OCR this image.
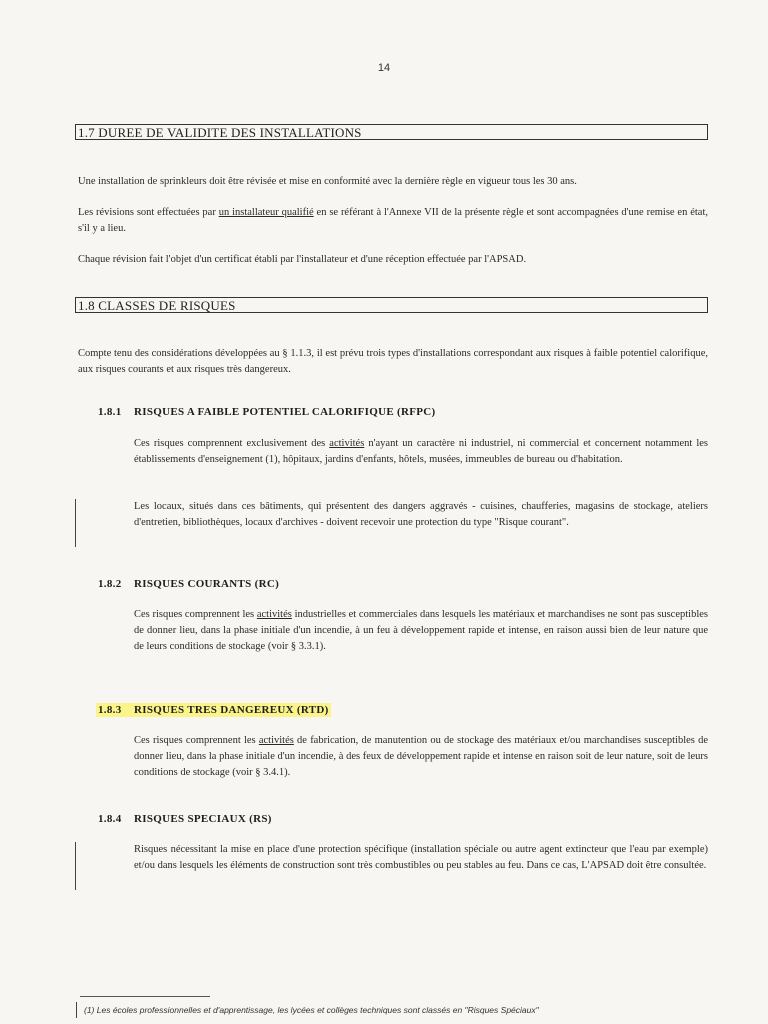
14
1.7 DUREE DE VALIDITE DES INSTALLATIONS
Une installation de sprinkleurs doit être révisée et mise en conformité avec la dernière règle en vigueur tous les 30 ans.
Les révisions sont effectuées par un installateur qualifié en se référant à l'Annexe VII de la présente règle et sont accompagnées d'une remise en état, s'il y a lieu.
Chaque révision fait l'objet d'un certificat établi par l'installateur et d'une réception effectuée par l'APSAD.
1.8 CLASSES DE RISQUES
Compte tenu des considérations développées au § 1.1.3, il est prévu trois types d'installations correspondant aux risques à faible potentiel calorifique, aux risques courants et aux risques très dangereux.
1.8.1 RISQUES A FAIBLE POTENTIEL CALORIFIQUE (RFPC)
Ces risques comprennent exclusivement des activités n'ayant un caractère ni industriel, ni commercial et concernent notamment les établissements d'enseignement (1), hôpitaux, jardins d'enfants, hôtels, musées, immeubles de bureau ou d'habitation.
Les locaux, situés dans ces bâtiments, qui présentent des dangers aggravés - cuisines, chaufferies, magasins de stockage, ateliers d'entretien, bibliothèques, locaux d'archives - doivent recevoir une protection du type "Risque courant".
1.8.2 RISQUES COURANTS (RC)
Ces risques comprennent les activités industrielles et commerciales dans lesquels les matériaux et marchandises ne sont pas susceptibles de donner lieu, dans la phase initiale d'un incendie, à un feu à développement rapide et intense, en raison aussi bien de leur nature que de leurs conditions de stockage (voir § 3.3.1).
1.8.3 RISQUES TRES DANGEREUX (RTD)
Ces risques comprennent les activités de fabrication, de manutention ou de stockage des matériaux et/ou marchandises susceptibles de donner lieu, dans la phase initiale d'un incendie, à des feux de développement rapide et intense en raison soit de leur nature, soit de leurs conditions de stockage (voir § 3.4.1).
1.8.4 RISQUES SPECIAUX (RS)
Risques nécessitant la mise en place d'une protection spécifique (installation spéciale ou autre agent extincteur que l'eau par exemple) et/ou dans lesquels les éléments de construction sont très combustibles ou peu stables au feu. Dans ce cas, L'APSAD doit être consultée.
(1) Les écoles professionnelles et d'apprentissage, les lycées et collèges techniques sont classés en "Risques Spéciaux"
